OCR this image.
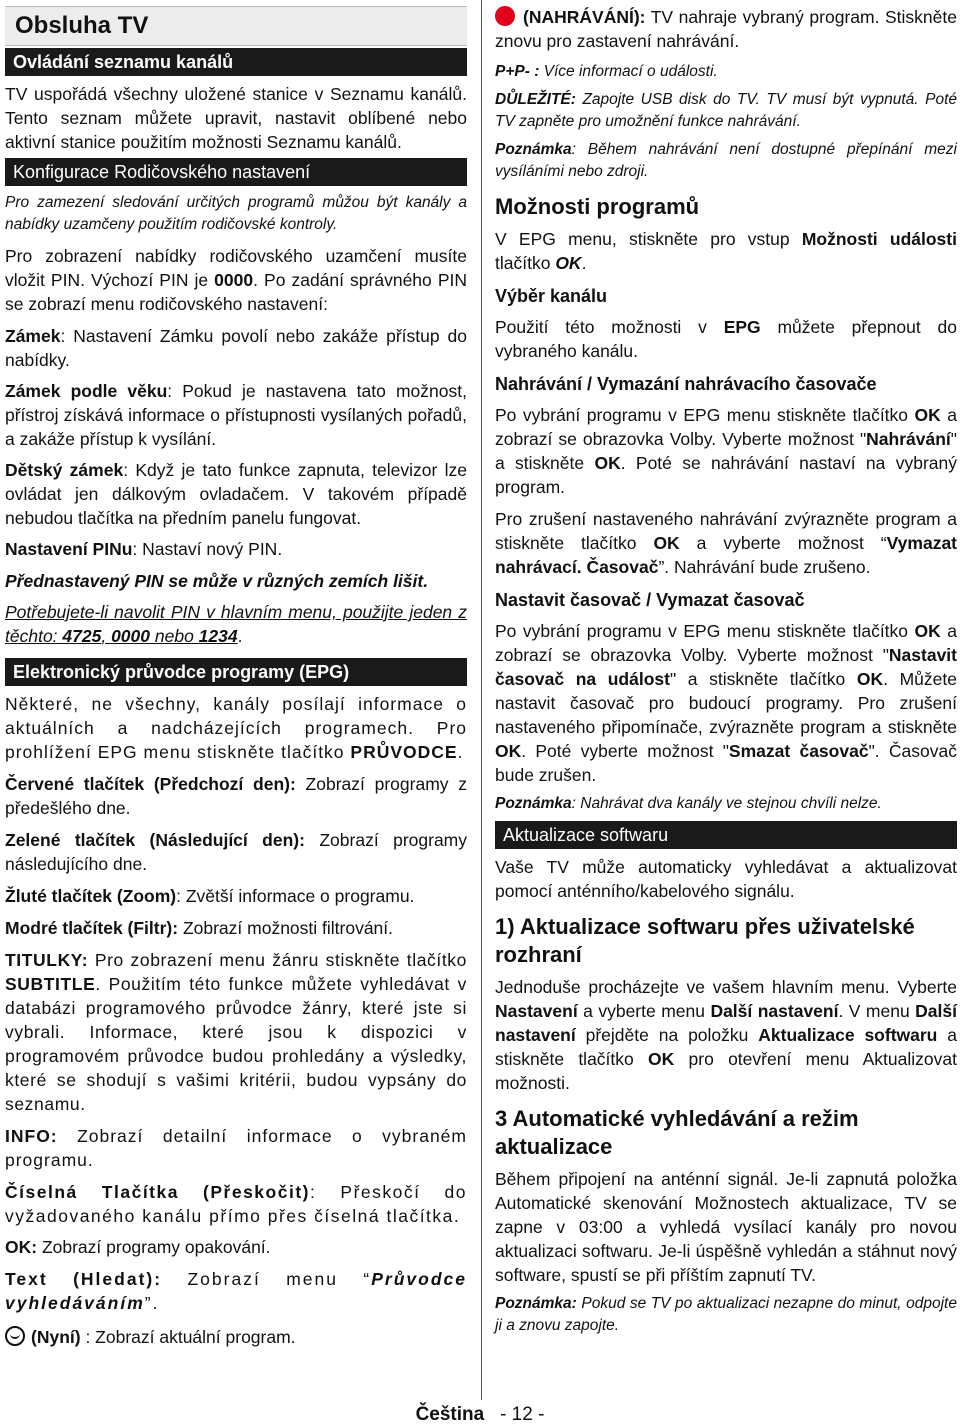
Obsluha TV
Ovládání seznamu kanálů

TV uspořádá všechny uložené stanice v Seznamu kanálů. Tento seznam můžete upravit, nastavit oblíbené nebo aktivní stanice použitím možnosti Seznamu kanálů.

Konfigurace Rodičovského nastavení

Pro zamezení sledování určitých programů můžou být kanály a nabídky uzamčeny použitím rodičovské kontroly.

Pro zobrazení nabídky rodičovského uzamčení musíte vložit PIN. Výchozí PIN je 0000. Po zadání správného PIN se zobrazí menu rodičovského nastavení:

Zámek: Nastavení Zámku povolí nebo zakáže přístup do nabídky.

Zámek podle věku: Pokud je nastavena tato možnost, přístroj získává informace o přístupnosti vysílaných pořadů, a zakáže přístup k vysílání.

Dětský zámek: Když je tato funkce zapnuta, televizor lze ovládat jen dálkovým ovladačem. V takovém případě nebudou tlačítka na předním panelu fungovat.

Nastavení PINu: Nastaví nový PIN.

Přednastavený PIN se může v různých zemích lišit.

Potřebujete-li navolit PIN v hlavním menu, použijte jeden z těchto: 4725, 0000 nebo 1234.

Elektronický průvodce programy (EPG)

Některé, ne všechny, kanály posílají informace o aktuálních a nadcházejících programech. Pro prohlížení EPG menu stiskněte tlačítko PRŮVODCE.

Červené tlačítek (Předchozí den): Zobrazí programy z předešlého dne.

Zelené tlačítek (Následující den): Zobrazí programy následujícího dne.

Žluté tlačítek (Zoom): Zvětší informace o programu.

Modré tlačítek (Filtr): Zobrazí možnosti filtrování.

TITULKY: Pro zobrazení menu žánru stiskněte tlačítko SUBTITLE. Použitím této funkce můžete vyhledávat v databázi programového průvodce žánry, které jste si vybrali. Informace, které jsou k dispozici v programovém průvodce budou prohledány a výsledky, které se shodují s vašimi kritérii, budou vypsány do seznamu.

INFO: Zobrazí detailní informace o vybraném programu.

Číselná Tlačítka (Přeskočit): Přeskočí do vyžadovaného kanálu přímo přes číselná tlačítka.

OK: Zobrazí programy opakování.

Text (Hledat): Zobrazí menu “Průvodce vyhledáváním”.

(Nyní) : Zobrazí aktuální program.

(NAHRÁVÁNÍ): TV nahraje vybraný program. Stiskněte znovu pro zastavení nahrávání.

P+P- : Více informací o události.

DŮLEŽITÉ: Zapojte USB disk do TV. TV musí být vypnutá. Poté TV zapněte pro umožnění funkce nahrávání.

Poznámka: Během nahrávání není dostupné přepínání mezi vysíláními nebo zdroji.

Možnosti programů

V EPG menu, stiskněte pro vstup Možnosti události tlačítko OK.

Výběr kanálu

Použití této možnosti v EPG můžete přepnout do vybraného kanálu.

Nahrávání / Vymazání nahrávacího časovače

Po vybrání programu v EPG menu stiskněte tlačítko OK a zobrazí se obrazovka Volby. Vyberte možnost "Nahrávání" a stiskněte OK. Poté se nahrávání nastaví na vybraný program.

Pro zrušení nastaveného nahrávání zvýrazněte program a stiskněte tlačítko OK a vyberte možnost “Vymazat nahrávací. Časovač”. Nahrávání bude zrušeno.

Nastavit časovač / Vymazat časovač

Po vybrání programu v EPG menu stiskněte tlačítko OK a zobrazí se obrazovka Volby. Vyberte možnost "Nastavit časovač na událost" a stiskněte tlačítko OK. Můžete nastavit časovač pro budoucí programy. Pro zrušení nastaveného připomínače, zvýrazněte program a stiskněte OK. Poté vyberte možnost "Smazat časovač". Časovač bude zrušen.

Poznámka: Nahrávat dva kanály ve stejnou chvíli nelze.

Aktualizace softwaru

Vaše TV může automaticky vyhledávat a aktualizovat pomocí anténního/kabelového signálu.

1) Aktualizace softwaru přes uživatelské rozhraní

Jednoduše procházejte ve vašem hlavním menu. Vyberte Nastavení a vyberte menu Další nastavení. V menu Další nastavení přejděte na položku Aktualizace softwaru a stiskněte tlačítko OK pro otevření menu Aktualizovat možnosti.

3 Automatické vyhledávání a režim aktualizace

Během připojení na anténní signál. Je-li zapnutá položka Automatické skenování Možnostech aktualizace, TV se zapne v 03:00 a vyhledá vysílací kanály pro novou aktualizaci softwaru. Je-li úspěšně vyhledán a stáhnut nový software, spustí se při příštím zapnutí TV.

Poznámka: Pokud se TV po aktualizaci nezapne do minut, odpojte ji a znovu zapojte.

Čeština - 12 -
